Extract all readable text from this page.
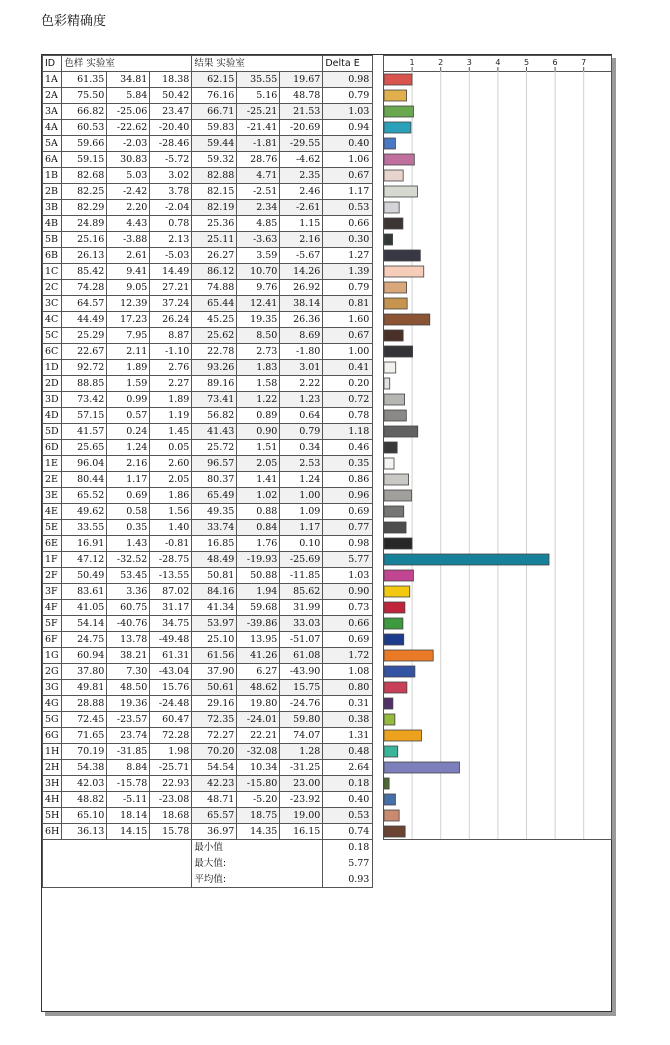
色彩精确度
ID	色样 实验室			结果 实验室			Delta E
1A	61.35	34.81	18.38	62.15	35.55	19.67	0.98
2A	75.50	5.84	50.42	76.16	5.16	48.78	0.79
3A	66.82	-25.06	23.47	66.71	-25.21	21.53	1.03
4A	60.53	-22.62	-20.40	59.83	-21.41	-20.69	0.94
5A	59.66	-2.03	-28.46	59.44	-1.81	-29.55	0.40
6A	59.15	30.83	-5.72	59.32	28.76	-4.62	1.06
1B	82.68	5.03	3.02	82.88	4.71	2.35	0.67
2B	82.25	-2.42	3.78	82.15	-2.51	2.46	1.17
3B	82.29	2.20	-2.04	82.19	2.34	-2.61	0.53
4B	24.89	4.43	0.78	25.36	4.85	1.15	0.66
5B	25.16	-3.88	2.13	25.11	-3.63	2.16	0.30
6B	26.13	2.61	-5.03	26.27	3.59	-5.67	1.27
1C	85.42	9.41	14.49	86.12	10.70	14.26	1.39
2C	74.28	9.05	27.21	74.88	9.76	26.92	0.79
3C	64.57	12.39	37.24	65.44	12.41	38.14	0.81
4C	44.49	17.23	26.24	45.25	19.35	26.36	1.60
5C	25.29	7.95	8.87	25.62	8.50	8.69	0.67
6C	22.67	2.11	-1.10	22.78	2.73	-1.80	1.00
1D	92.72	1.89	2.76	93.26	1.83	3.01	0.41
2D	88.85	1.59	2.27	89.16	1.58	2.22	0.20
3D	73.42	0.99	1.89	73.41	1.22	1.23	0.72
4D	57.15	0.57	1.19	56.82	0.89	0.64	0.78
5D	41.57	0.24	1.45	41.43	0.90	0.79	1.18
6D	25.65	1.24	0.05	25.72	1.51	0.34	0.46
1E	96.04	2.16	2.60	96.57	2.05	2.53	0.35
2E	80.44	1.17	2.05	80.37	1.41	1.24	0.86
3E	65.52	0.69	1.86	65.49	1.02	1.00	0.96
4E	49.62	0.58	1.56	49.35	0.88	1.09	0.69
5E	33.55	0.35	1.40	33.74	0.84	1.17	0.77
6E	16.91	1.43	-0.81	16.85	1.76	0.10	0.98
1F	47.12	-32.52	-28.75	48.49	-19.93	-25.69	5.77
2F	50.49	53.45	-13.55	50.81	50.88	-11.85	1.03
3F	83.61	3.36	87.02	84.16	1.94	85.62	0.90
4F	41.05	60.75	31.17	41.34	59.68	31.99	0.73
5F	54.14	-40.76	34.75	53.97	-39.86	33.03	0.66
6F	24.75	13.78	-49.48	25.10	13.95	-51.07	0.69
1G	60.94	38.21	61.31	61.56	41.26	61.08	1.72
2G	37.80	7.30	-43.04	37.90	6.27	-43.90	1.08
3G	49.81	48.50	15.76	50.61	48.62	15.75	0.80
4G	28.88	19.36	-24.48	29.16	19.80	-24.76	0.31
5G	72.45	-23.57	60.47	72.35	-24.01	59.80	0.38
6G	71.65	23.74	72.28	72.27	22.21	74.07	1.31
1H	70.19	-31.85	1.98	70.20	-32.08	1.28	0.48
2H	54.38	8.84	-25.71	54.54	10.34	-31.25	2.64
3H	42.03	-15.78	22.93	42.23	-15.80	23.00	0.18
4H	48.82	-5.11	-23.08	48.71	-5.20	-23.92	0.40
5H	65.10	18.14	18.68	65.57	18.75	19.00	0.53
6H	36.13	14.15	15.78	36.97	14.35	16.15	0.74
				最小值			0.18
				最大值:			5.77
				平均值:			0.93
1	2	3	4	5	6	7
